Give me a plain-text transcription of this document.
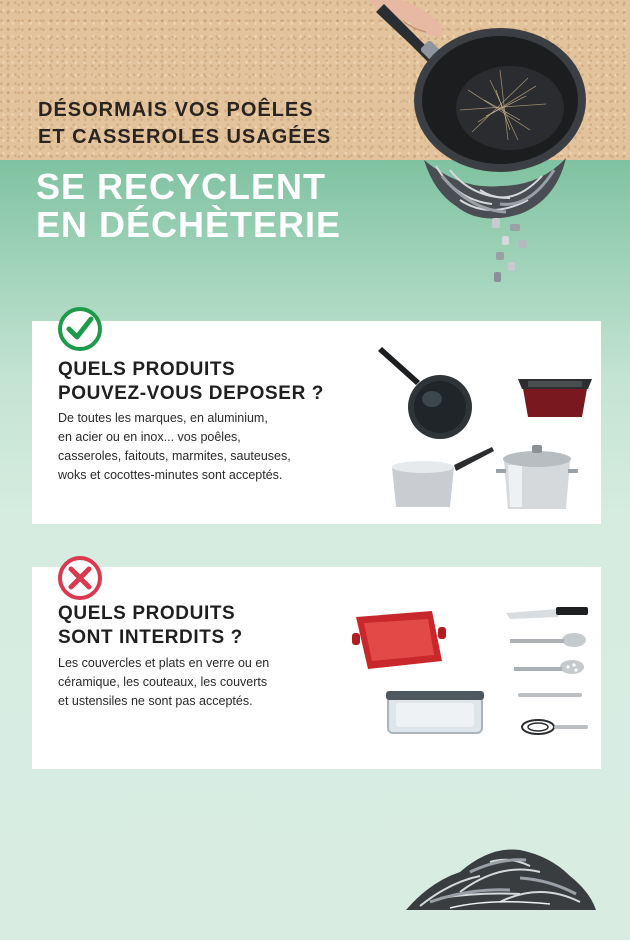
DÉSORMAIS VOS POÊLES
ET CASSEROLES USAGÉES
SE RECYCLENT
EN DÉCHÈTERIE
QUELS PRODUITS
POUVEZ-VOUS DEPOSER ?

De toutes les marques, en aluminium,
en acier ou en inox... vos poêles,
casseroles, faitouts, marmites, sauteuses,
woks et cocottes-minutes sont acceptés.

QUELS PRODUITS
SONT INTERDITS ?

Les couvercles et plats en verre ou en
céramique, les couteaux, les couverts
et ustensiles ne sont pas acceptés.
